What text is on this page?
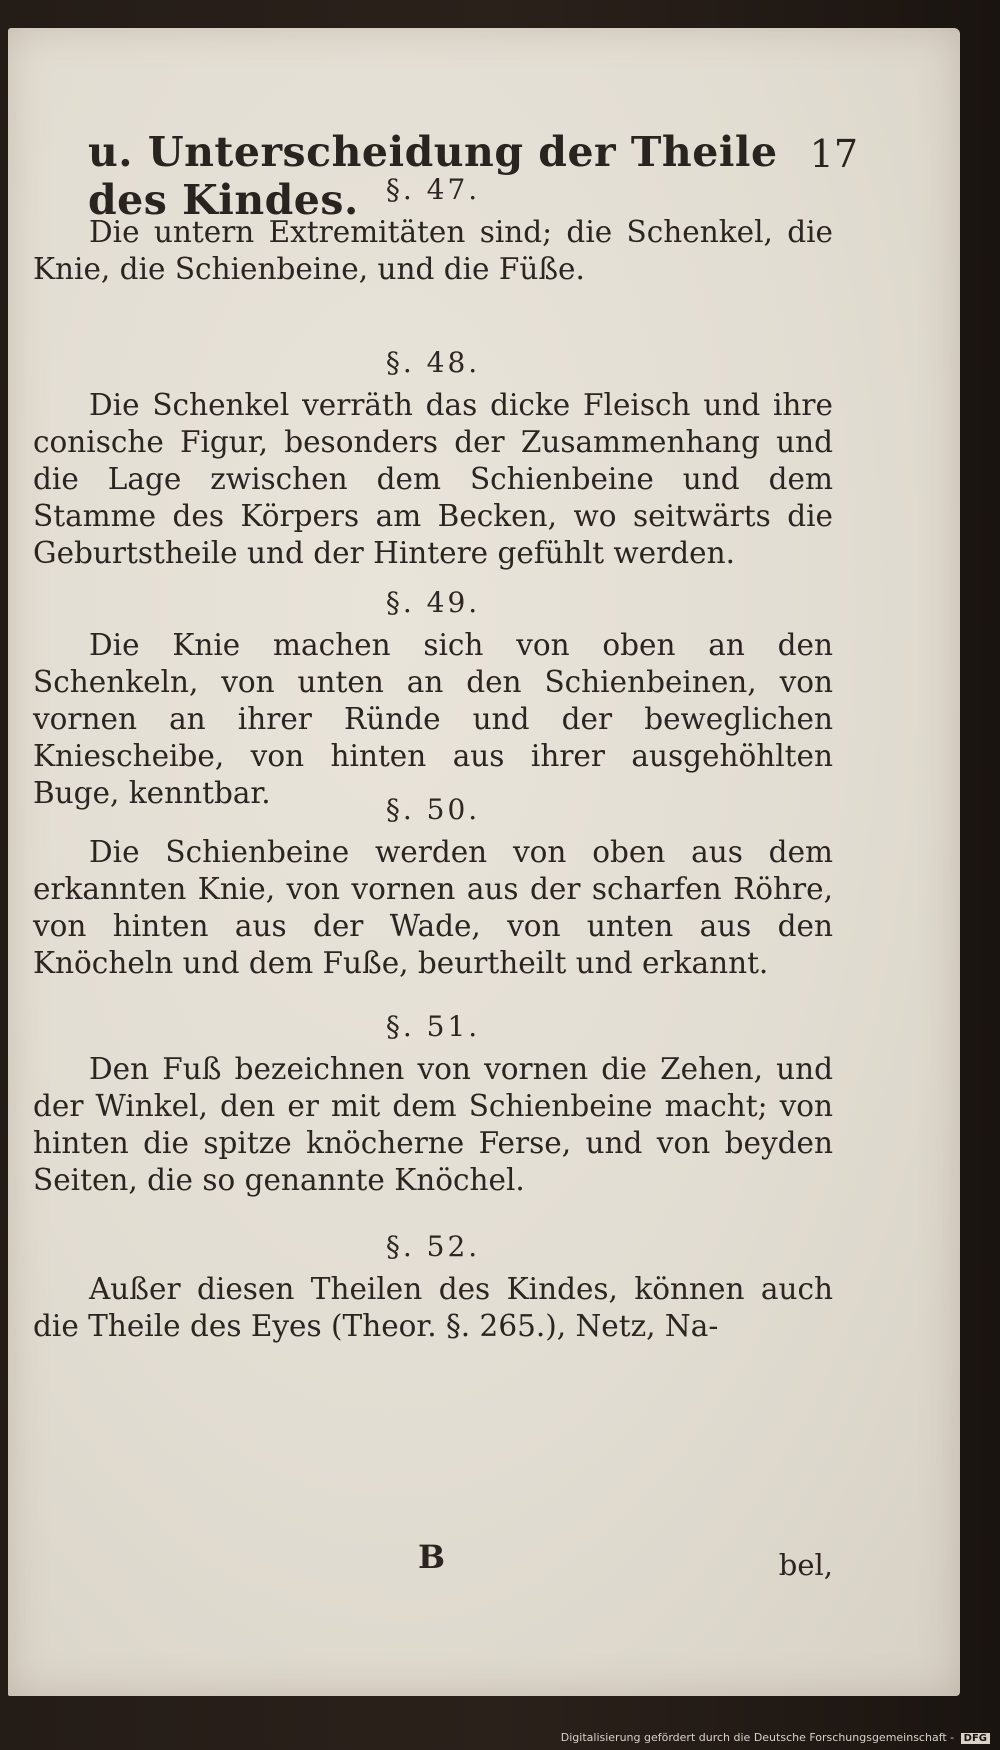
u. Unterscheidung der Theile des Kindes.
17
§. 47.

Die untern Extremitäten sind; die Schenkel, die Knie, die Schienbeine, und die Füße.

§. 48.

Die Schenkel verräth das dicke Fleisch und ihre conische Figur, besonders der Zusammenhang und die Lage zwischen dem Schienbeine und dem Stamme des Körpers am Becken, wo seitwärts die Geburtstheile und der Hintere gefühlt werden.

§. 49.

Die Knie machen sich von oben an den Schenkeln, von unten an den Schienbeinen, von vornen an ihrer Ründe und der beweglichen Kniescheibe, von hinten aus ihrer ausgehöhlten Buge, kenntbar.	§. 50.

Die Schienbeine werden von oben aus dem erkannten Knie, von vornen aus der scharfen Röhre, von hinten aus der Wade, von unten aus den Knöcheln und dem Fuße, beurtheilt und erkannt.

§. 51.

Den Fuß bezeichnen von vornen die Zehen, und der Winkel, den er mit dem Schienbeine macht; von hinten die spitze knöcherne Ferse, und von beyden Seiten, die so genannte Knöchel.

§. 52.

Außer diesen Theilen des Kindes, können auch die Theile des Eyes (Theor. §. 265.), Netz, Na-

B	bel,
Digitalisierung gefördert durch die Deutsche Forschungsgemeinschaft - DFG
